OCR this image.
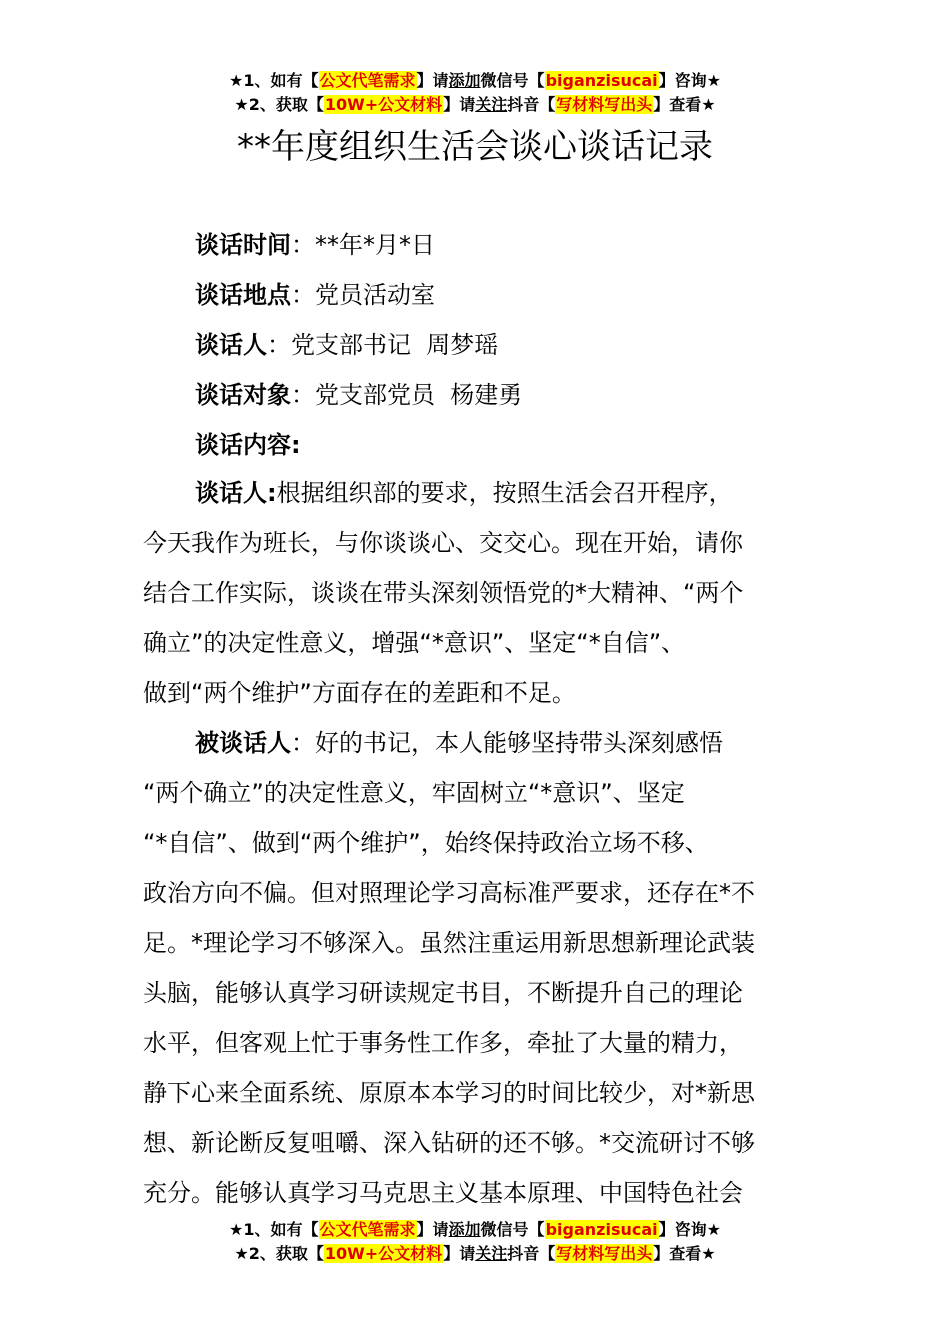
★1、如有【公文代笔需求】请添加微信号【biganzisucai】咨询★
★2、获取【10W+公文材料】请关注抖音【写材料写出头】查看★
**年度组织生活会谈心谈话记录
谈话时间：**年*月*日
谈话地点：党员活动室
谈话人：党支部书记  周梦瑶
谈话对象：党支部党员  杨建勇
谈话内容:
谈话人:根据组织部的要求，按照生活会召开程序，
今天我作为班长，与你谈谈心、交交心。现在开始，请你
结合工作实际，谈谈在带头深刻领悟党的*大精神、“两个
确立”的决定性意义，增强“*意识”、坚定“*自信”、
做到“两个维护”方面存在的差距和不足。
被谈话人：好的书记，本人能够坚持带头深刻感悟
“两个确立”的决定性意义，牢固树立“*意识”、坚定
“*自信”、做到“两个维护”，始终保持政治立场不移、
政治方向不偏。但对照理论学习高标准严要求，还存在*不
足。*理论学习不够深入。虽然注重运用新思想新理论武装
头脑，能够认真学习研读规定书目，不断提升自己的理论
水平，但客观上忙于事务性工作多，牵扯了大量的精力，
静下心来全面系统、原原本本学习的时间比较少，对*新思
想、新论断反复咀嚼、深入钻研的还不够。*交流研讨不够
充分。能够认真学习马克思主义基本原理、中国特色社会
★1、如有【公文代笔需求】请添加微信号【biganzisucai】咨询★
★2、获取【10W+公文材料】请关注抖音【写材料写出头】查看★
